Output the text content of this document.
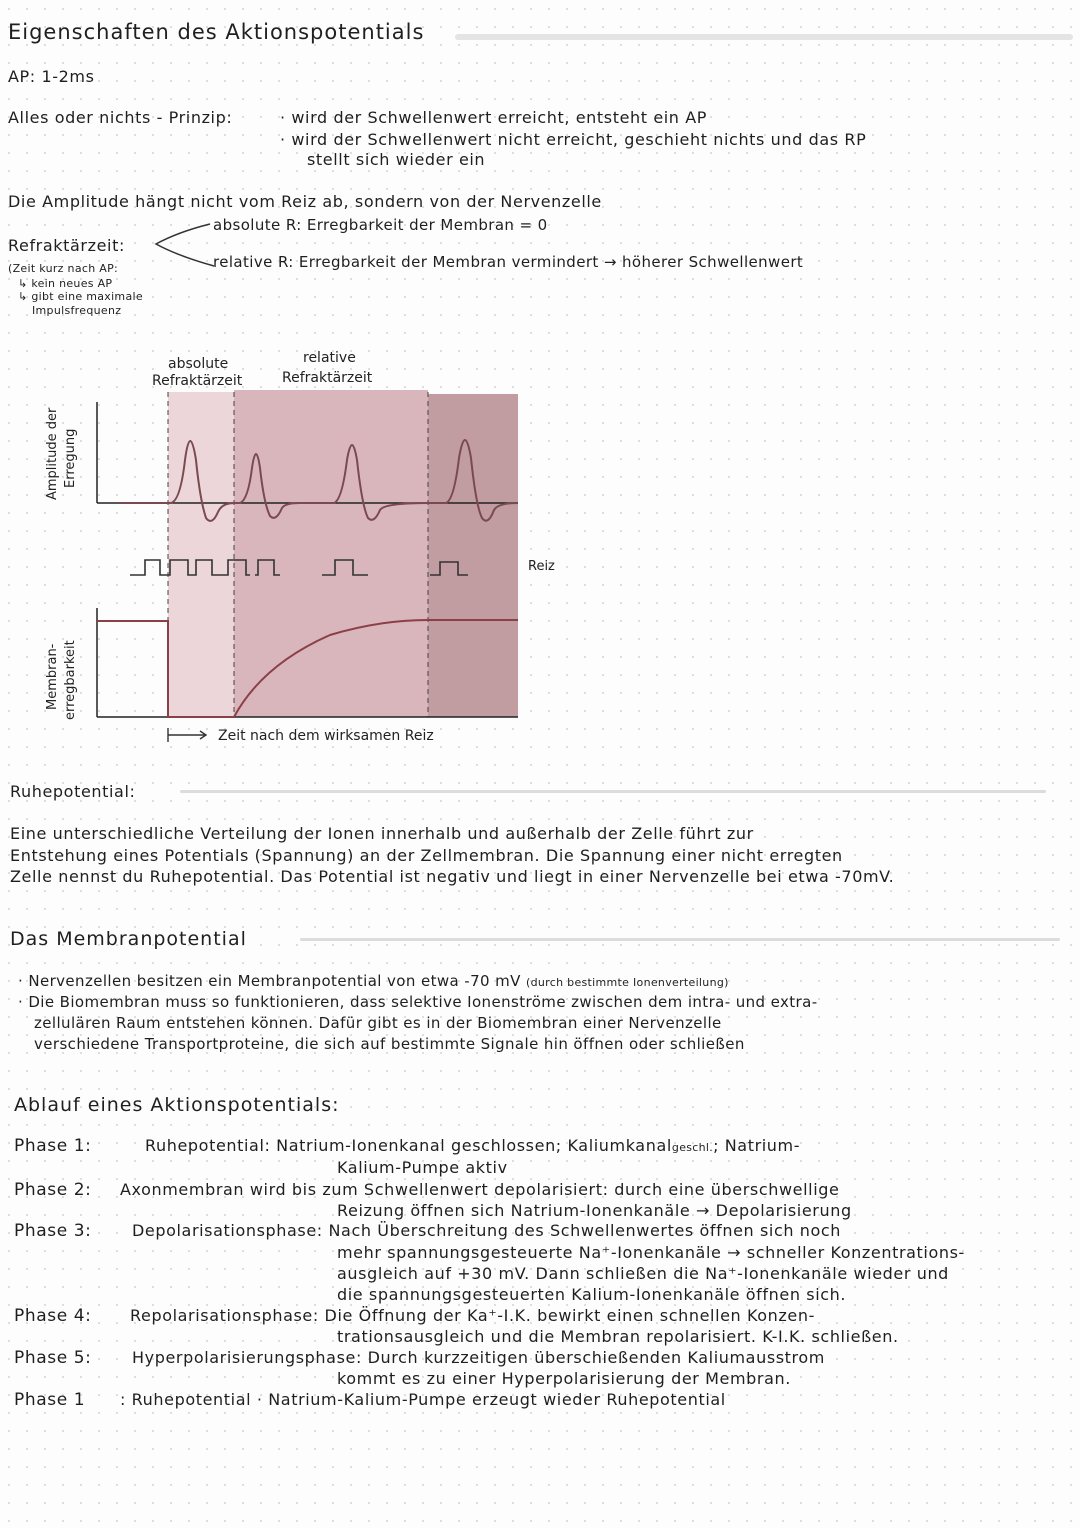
Eigenschaften des Aktionspotentials
AP: 1-2ms
Alles oder nichts - Prinzip:	· wird der Schwellenwert erreicht, entsteht ein AP
· wird der Schwellenwert nicht erreicht, geschieht nichts und das RP
stellt sich wieder ein
Die Amplitude hängt nicht vom Reiz ab, sondern von der Nervenzelle
Refraktärzeit:
(Zeit kurz nach AP:
↳ kein neues AP
↳ gibt eine maximale
Impulsfrequenz
absolute R: Erregbarkeit der Membran = 0
relative R: Erregbarkeit der Membran vermindert → höherer Schwellenwert
absolute
Refraktärzeit
relative
Refraktärzeit
Amplitude der Erregung
Reiz
Membran- erregbarkeit
Zeit nach dem wirksamen Reiz
Ruhepotential:
Eine unterschiedliche Verteilung der Ionen innerhalb und außerhalb der Zelle führt zur
Entstehung eines Potentials (Spannung) an der Zellmembran. Die Spannung einer nicht erregten
Zelle nennst du Ruhepotential. Das Potential ist negativ und liegt in einer Nervenzelle bei etwa -70mV.
Das Membranpotential
· Nervenzellen besitzen ein Membranpotential von etwa -70 mV (durch bestimmte Ionenverteilung)
· Die Biomembran muss so funktionieren, dass selektive Ionenströme zwischen dem intra- und extra-
zellulären Raum entstehen können. Dafür gibt es in der Biomembran einer Nervenzelle
verschiedene Transportproteine, die sich auf bestimmte Signale hin öffnen oder schließen
Ablauf eines Aktionspotentials:
Phase 1:	Ruhepotential: Natrium-Ionenkanal geschlossen; Kaliumkanalgeschl.; Natrium-
Kalium-Pumpe aktiv
Phase 2: Axonmembran wird bis zum Schwellenwert depolarisiert: durch eine überschwellige
Reizung öffnen sich Natrium-Ionenkanäle → Depolarisierung
Phase 3:	Depolarisationsphase: Nach Überschreitung des Schwellenwertes öffnen sich noch
mehr spannungsgesteuerte Na⁺-Ionenkanäle → schneller Konzentrations-
ausgleich auf +30 mV. Dann schließen die Na⁺-Ionenkanäle wieder und
die spannungsgesteuerten Kalium-Ionenkanäle öffnen sich.
Phase 4: Repolarisationsphase: Die Öffnung der Ka⁺-I.K. bewirkt einen schnellen Konzen-
trationsausgleich und die Membran repolarisiert. K-I.K. schließen.
Phase 5:	Hyperpolarisierungsphase: Durch kurzzeitigen überschießenden Kaliumausstrom
kommt es zu einer Hyperpolarisierung der Membran.
Phase 1 : Ruhepotential · Natrium-Kalium-Pumpe erzeugt wieder Ruhepotential
